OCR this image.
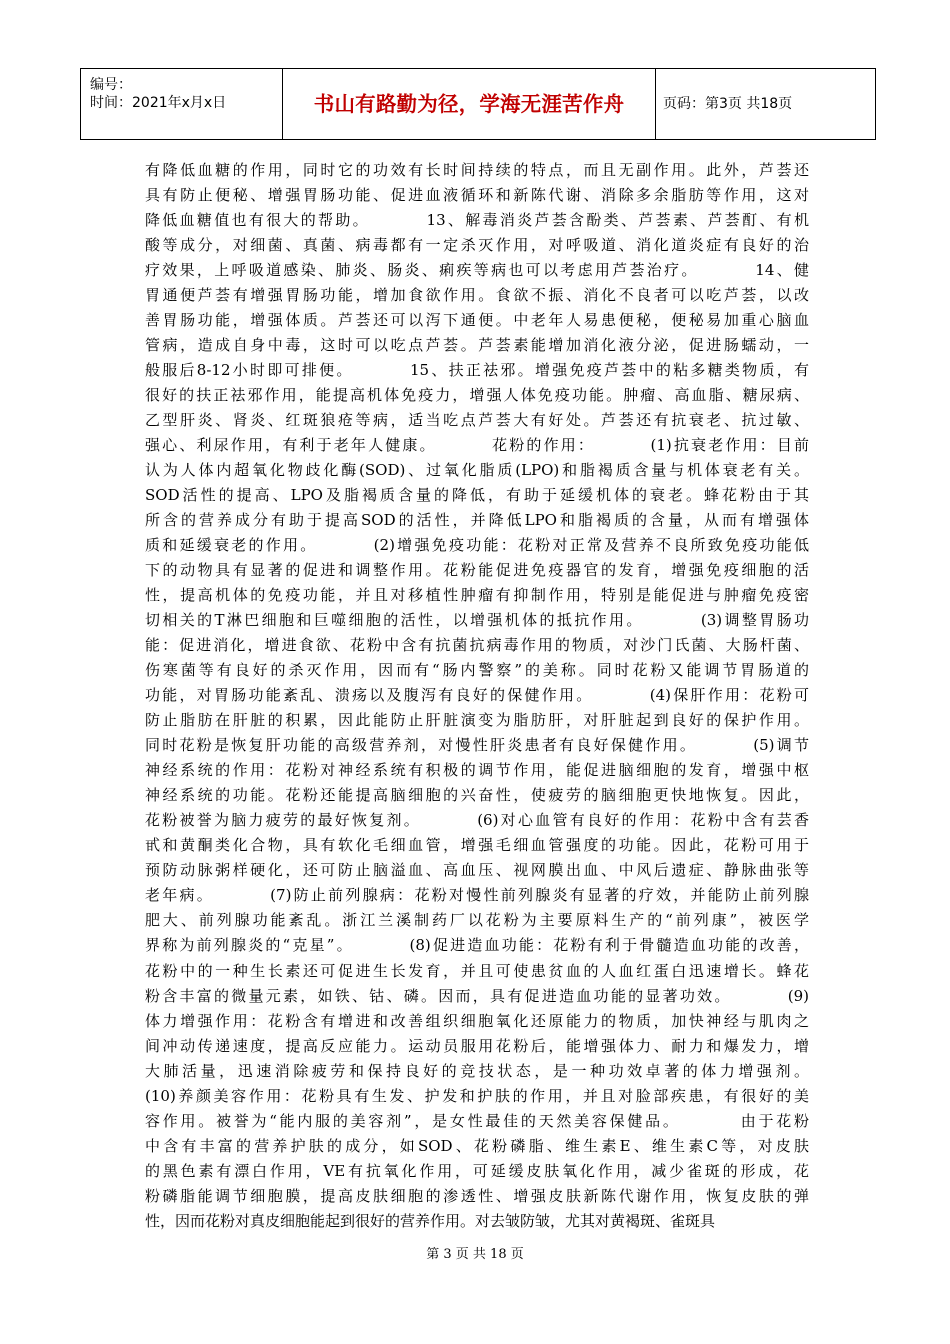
编号：
时间：2021年x月x日	书山有路勤为径，学海无涯苦作舟	页码：第3页 共18页
有降低血糖的作用，同时它的功效有长时间持续的特点，而且无副作用。此外，芦荟还
具有防止便秘、增强胃肠功能、促进血液循环和新陈代谢、消除多余脂肪等作用，这对
降低血糖值也有很大的帮助。        13、解毒消炎芦荟含酚类、芦荟素、芦荟酊、有机
酸等成分，对细菌、真菌、病毒都有一定杀灭作用，对呼吸道、消化道炎症有良好的治
疗效果，上呼吸道感染、肺炎、肠炎、痢疾等病也可以考虑用芦荟治疗。        14、健
胃通便芦荟有增强胃肠功能，增加食欲作用。食欲不振、消化不良者可以吃芦荟，以改
善胃肠功能，增强体质。芦荟还可以泻下通便。中老年人易患便秘，便秘易加重心脑血
管病，造成自身中毒，这时可以吃点芦荟。芦荟素能增加消化液分泌，促进肠蠕动，一
般服后8-12小时即可排便。        15、扶正祛邪。增强免疫芦荟中的粘多糖类物质，有
很好的扶正祛邪作用，能提高机体免疫力，增强人体免疫功能。肿瘤、高血脂、糖尿病、
乙型肝炎、肾炎、红斑狼疮等病，适当吃点芦荟大有好处。芦荟还有抗衰老、抗过敏、
强心、利尿作用，有利于老年人健康。        花粉的作用：        (1)抗衰老作用：目前
认为人体内超氧化物歧化酶(SOD)、过氧化脂质(LPO)和脂褐质含量与机体衰老有关。
SOD活性的提高、LPO及脂褐质含量的降低，有助于延缓机体的衰老。蜂花粉由于其
所含的营养成分有助于提高SOD的活性，并降低LPO和脂褐质的含量，从而有增强体
质和延缓衰老的作用。        (2)增强免疫功能：花粉对正常及营养不良所致免疫功能低
下的动物具有显著的促进和调整作用。花粉能促进免疫器官的发育，增强免疫细胞的活
性，提高机体的免疫功能，并且对移植性肿瘤有抑制作用，特别是能促进与肿瘤免疫密
切相关的T淋巴细胞和巨噬细胞的活性，以增强机体的抵抗作用。        (3)调整胃肠功
能：促进消化，增进食欲、花粉中含有抗菌抗病毒作用的物质，对沙门氏菌、大肠杆菌、
伤寒菌等有良好的杀灭作用，因而有“肠内警察”的美称。同时花粉又能调节胃肠道的
功能，对胃肠功能紊乱、溃疡以及腹泻有良好的保健作用。        (4)保肝作用：花粉可
防止脂肪在肝脏的积累，因此能防止肝脏演变为脂肪肝，对肝脏起到良好的保护作用。
同时花粉是恢复肝功能的高级营养剂，对慢性肝炎患者有良好保健作用。        (5)调节
神经系统的作用：花粉对神经系统有积极的调节作用，能促进脑细胞的发育，增强中枢
神经系统的功能。花粉还能提高脑细胞的兴奋性，使疲劳的脑细胞更快地恢复。因此，
花粉被誉为脑力疲劳的最好恢复剂。        (6)对心血管有良好的作用：花粉中含有芸香
甙和黄酮类化合物，具有软化毛细血管，增强毛细血管强度的功能。因此，花粉可用于
预防动脉粥样硬化，还可防止脑溢血、高血压、视网膜出血、中风后遗症、静脉曲张等
老年病。        (7)防止前列腺病：花粉对慢性前列腺炎有显著的疗效，并能防止前列腺
肥大、前列腺功能紊乱。浙江兰溪制药厂以花粉为主要原料生产的“前列康”，被医学
界称为前列腺炎的“克星”。        (8)促进造血功能：花粉有利于骨髓造血功能的改善，
花粉中的一种生长素还可促进生长发育，并且可使患贫血的人血红蛋白迅速增长。蜂花
粉含丰富的微量元素，如铁、钴、磷。因而，具有促进造血功能的显著功效。        (9)
体力增强作用：花粉含有增进和改善组织细胞氧化还原能力的物质，加快神经与肌肉之
间冲动传递速度，提高反应能力。运动员服用花粉后，能增强体力、耐力和爆发力，增
大肺活量，迅速消除疲劳和保持良好的竞技状态，是一种功效卓著的体力增强剂。
(10)养颜美容作用：花粉具有生发、护发和护肤的作用，并且对脸部疾患，有很好的美
容作用。被誉为“能内服的美容剂”，是女性最佳的天然美容保健品。        由于花粉
中含有丰富的营养护肤的成分，如SOD、花粉磷脂、维生素E、维生素C等，对皮肤
的黑色素有漂白作用，VE有抗氧化作用，可延缓皮肤氧化作用，减少雀斑的形成，花
粉磷脂能调节细胞膜，提高皮肤细胞的渗透性、增强皮肤新陈代谢作用，恢复皮肤的弹
性，因而花粉对真皮细胞能起到很好的营养作用。对去皱防皱，尤其对黄褐斑、雀斑具
第 3 页 共 18 页
